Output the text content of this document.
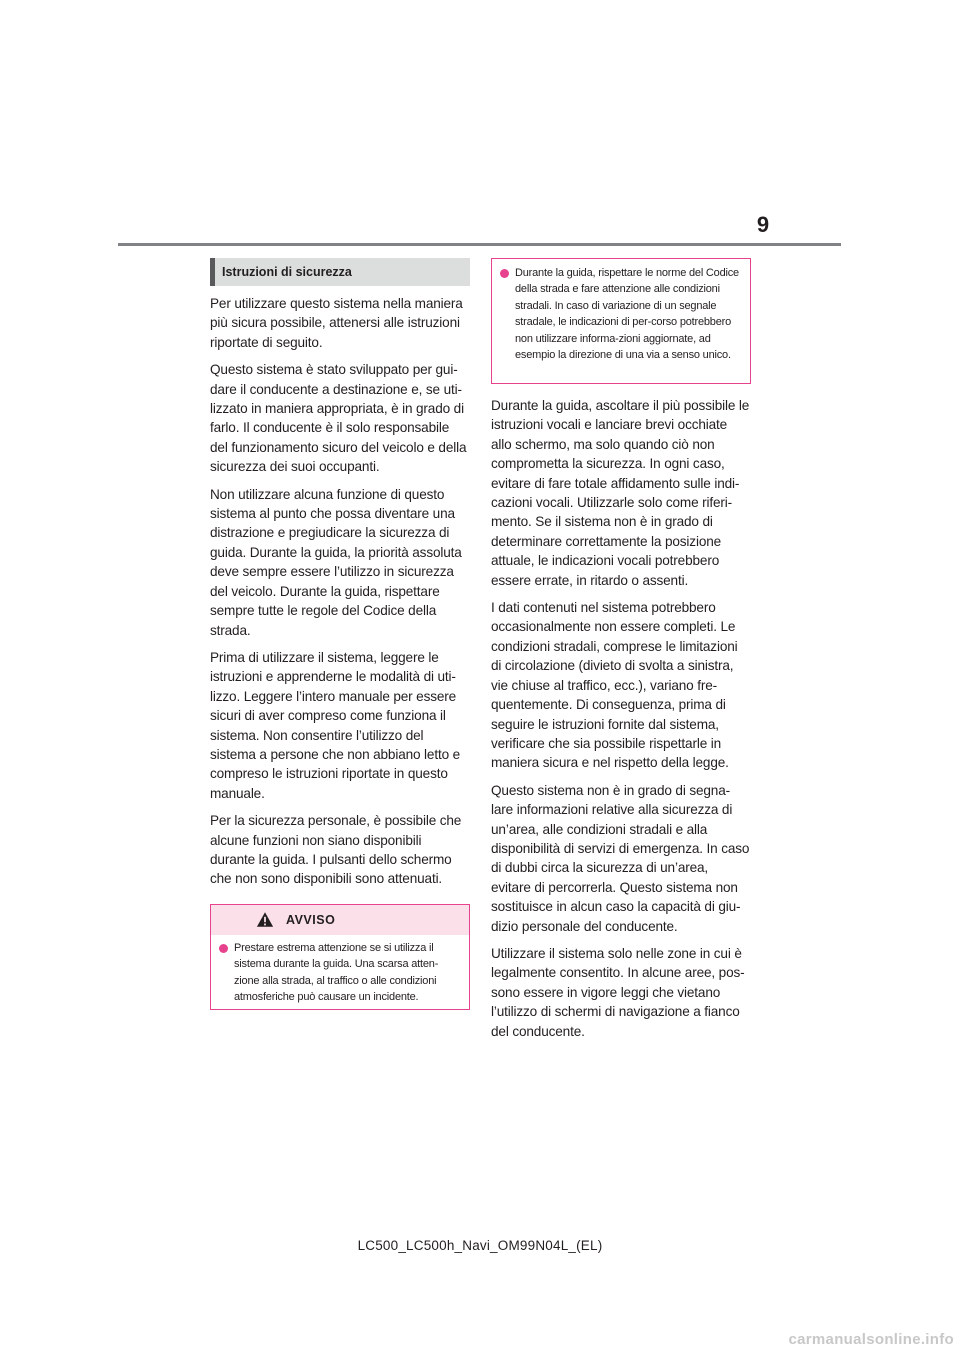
9
Istruzioni di sicurezza

Per utilizzare questo sistema nella maniera più sicura possibile, attenersi alle istruzioni riportate di seguito.

Questo sistema è stato sviluppato per gui-dare il conducente a destinazione e, se uti-lizzato in maniera appropriata, è in grado di farlo. Il conducente è il solo responsabile del funzionamento sicuro del veicolo e della sicurezza dei suoi occupanti.

Non utilizzare alcuna funzione di questo sistema al punto che possa diventare una distrazione e pregiudicare la sicurezza di guida. Durante la guida, la priorità assoluta deve sempre essere l’utilizzo in sicurezza del veicolo. Durante la guida, rispettare sempre tutte le regole del Codice della strada.

Prima di utilizzare il sistema, leggere le istruzioni e apprenderne le modalità di uti-lizzo. Leggere l’intero manuale per essere sicuri di aver compreso come funziona il sistema. Non consentire l’utilizzo del sistema a persone che non abbiano letto e compreso le istruzioni riportate in questo manuale.

Per la sicurezza personale, è possibile che alcune funzioni non siano disponibili durante la guida. I pulsanti dello schermo che non sono disponibili sono attenuati.

AVVISO
Prestare estrema attenzione se si utilizza il sistema durante la guida. Una scarsa atten-zione alla strada, al traffico o alle condizioni atmosferiche può causare un incidente.
Durante la guida, rispettare le norme del Codice della strada e fare attenzione alle condizioni stradali. In caso di variazione di un segnale stradale, le indicazioni di per-corso potrebbero non utilizzare informa-zioni aggiornate, ad esempio la direzione di una via a senso unico.

Durante la guida, ascoltare il più possibile le istruzioni vocali e lanciare brevi occhiate allo schermo, ma solo quando ciò non comprometta la sicurezza. In ogni caso, evitare di fare totale affidamento sulle indi-cazioni vocali. Utilizzarle solo come riferi-mento. Se il sistema non è in grado di determinare correttamente la posizione attuale, le indicazioni vocali potrebbero essere errate, in ritardo o assenti.

I dati contenuti nel sistema potrebbero occasionalmente non essere completi. Le condizioni stradali, comprese le limitazioni di circolazione (divieto di svolta a sinistra, vie chiuse al traffico, ecc.), variano fre-quentemente. Di conseguenza, prima di seguire le istruzioni fornite dal sistema, verificare che sia possibile rispettarle in maniera sicura e nel rispetto della legge.

Questo sistema non è in grado di segna-lare informazioni relative alla sicurezza di un’area, alle condizioni stradali e alla disponibilità di servizi di emergenza. In caso di dubbi circa la sicurezza di un’area, evitare di percorrerla. Questo sistema non sostituisce in alcun caso la capacità di giu-dizio personale del conducente.

Utilizzare il sistema solo nelle zone in cui è legalmente consentito. In alcune aree, pos-sono essere in vigore leggi che vietano l’utilizzo di schermi di navigazione a fianco del conducente.

LC500_LC500h_Navi_OM99N04L_(EL)
carmanualsonline.info
